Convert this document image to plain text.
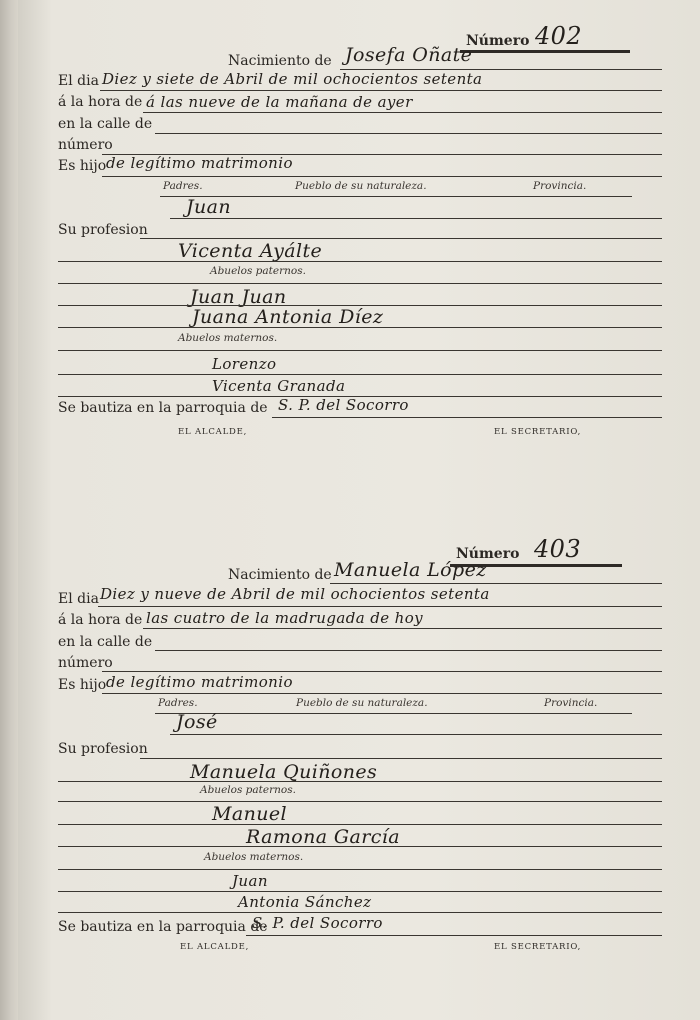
Número 402
Nacimiento de Josefa Oñate
El dia Diez y siete de Abril de mil ochocientos setenta
á la hora de á las nueve de la mañana de ayer
en la calle de
número
Es hijo de legítimo matrimonio
Padres.	Pueblo de su naturaleza.	Provincia.
Juan
Su profesion
Vicenta Ayálte
Abuelos paternos.
Juan Juan
Juana Antonia Díez
Abuelos maternos.
Lorenzo
Vicenta Granada
Se bautiza en la parroquia de S. P. del Socorro
EL ALCALDE,	EL SECRETARIO,
Número 403
Nacimiento de Manuela López
El dia Diez y nueve de Abril de mil ochocientos setenta
á la hora de las cuatro de la madrugada de hoy
en la calle de
número
Es hijo de legítimo matrimonio
Padres.	Pueblo de su naturaleza.	Provincia.
José
Su profesion
Manuela Quiñones
Abuelos paternos.
Manuel
Ramona García
Abuelos maternos.
Juan
Antonia Sánchez
Se bautiza en la parroquia de
S. P. del Socorro
EL ALCALDE,	EL SECRETARIO,
